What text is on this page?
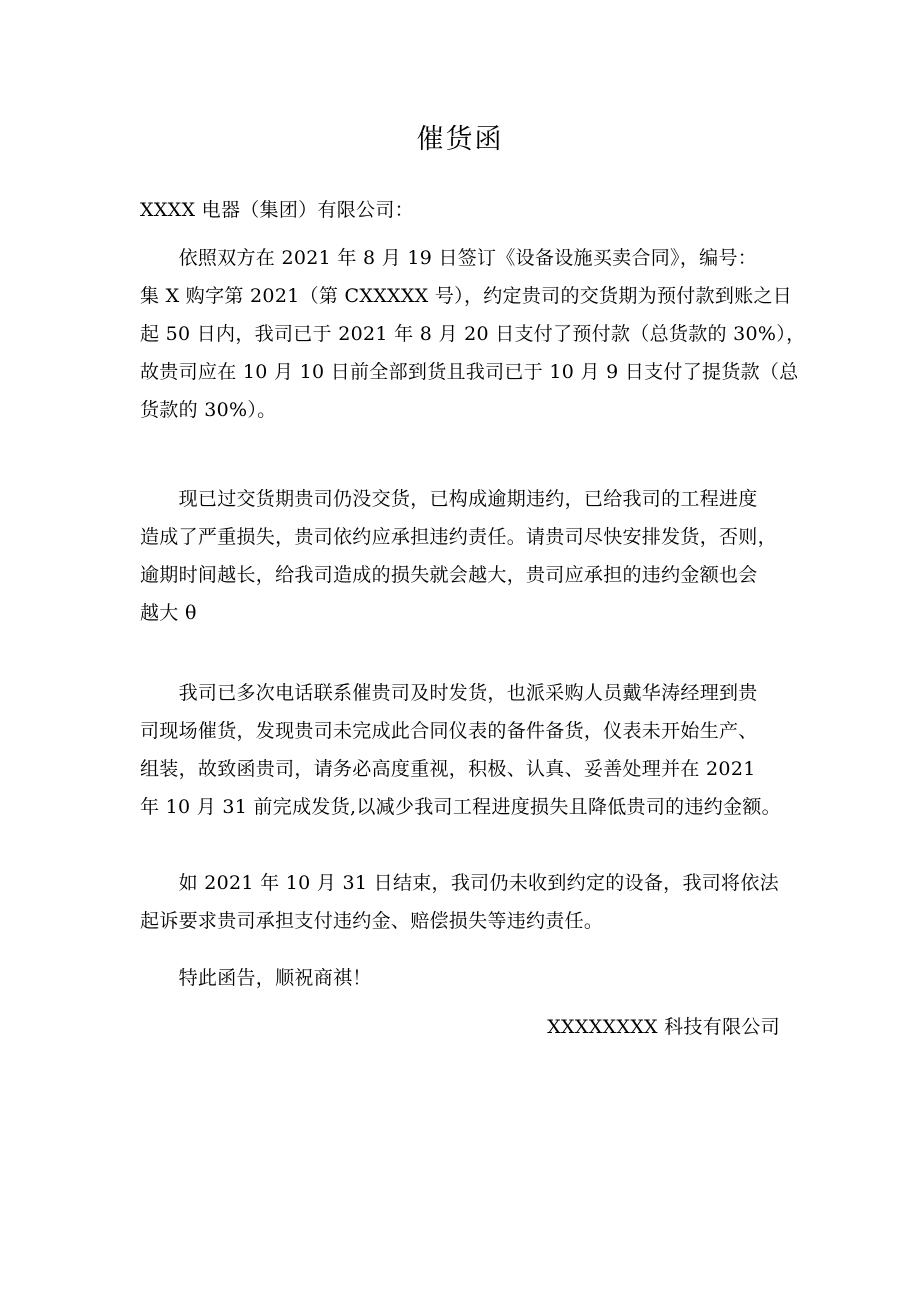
催货函

XXXX 电器（集团）有限公司：

　　依照双方在 2021 年 8 月 19 日签订《设备设施买卖合同》，编号：
集 X 购字第 2021（第 CXXXXX 号），约定贵司的交货期为预付款到账之日
起 50 日内，我司已于 2021 年 8 月 20 日支付了预付款（总货款的 30%），
故贵司应在 10 月 10 日前全部到货且我司已于 10 月 9 日支付了提货款（总
货款的 30%）。
　　现已过交货期贵司仍没交货，已构成逾期违约，已给我司的工程进度
造成了严重损失，贵司依约应承担违约责任。请贵司尽快安排发货，否则，
逾期时间越长，给我司造成的损失就会越大，贵司应承担的违约金额也会
越大 θ
　　我司已多次电话联系催贵司及时发货，也派采购人员戴华涛经理到贵
司现场催货，发现贵司未完成此合同仪表的备件备货，仪表未开始生产、
组装，故致函贵司，请务必高度重视，积极、认真、妥善处理并在 2021
年 10 月 31 前完成发货,以减少我司工程进度损失且降低贵司的违约金额。
　　如 2021 年 10 月 31 日结束，我司仍未收到约定的设备，我司将依法
起诉要求贵司承担支付违约金、赔偿损失等违约责任。
　　特此函告，顺祝商祺！
XXXXXXXX 科技有限公司
